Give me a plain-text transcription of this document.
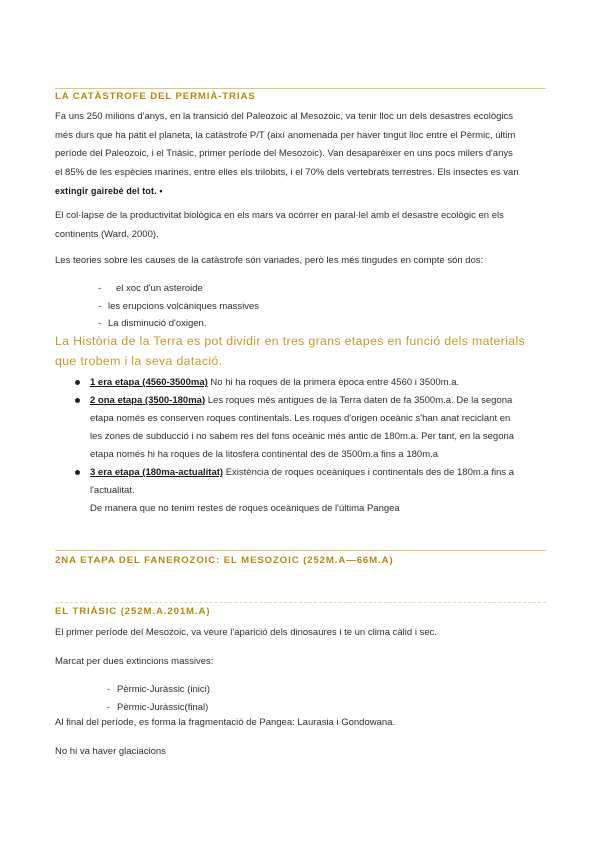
LA CATÀSTROFE DEL PERMIÀ-TRIAS
Fa uns 250 milions d'anys, en la transició del Paleozoic al Mesozoic, va tenir lloc un dels desastres ecològics
més durs que ha patit el planeta, la catàstrofe P/T (així anomenada per haver tingut lloc entre el Pèrmic, últim
període del Paleozoic, i el Triàsic, primer període del Mesozoic). Van desaparèixer en uns pocs milers d'anys
el 85% de les espècies marines, entre elles els trilobits, i el 70% dels vertebrats terrestres. Els insectes es van
extingir gairebé del tot. •
El col·lapse de la productivitat biològica en els mars va ocórrer en paral·lel amb el desastre ecològic en els
continents (Ward, 2000).
Les teories sobre les causes de la catàstrofe són variades, però les més tingudes en compte són dos:
- el xoc d'un asteroide
- les erupcions volcàniques massives
- La disminució d'oxigen.
La Història de la Terra es pot dividir en tres grans etapes en funció dels materials
que trobem i la seva datació.
1 era etapa (4560-3500ma) No hi ha roques de la primera època entre 4560 i 3500m.a.
2 ona etapa (3500-180ma) Les roques més antigues de la Terra daten de fa 3500m.a. De la segona
etapa només es conserven roques continentals. Les roques d'origen oceànic s'han anat reciclant en
les zones de subducció i no sabem res del fons oceànic més antic de 180m.a. Per tant, en la segona
etapa només hi ha roques de la litosfera continental des de 3500m.a fins a 180m.a
3 era etapa (180ma-actualitat) Existència de roques oceàniques i continentals des de 180m.a fins a
l'actualitat.
De manera que no tenim restes de roques oceàniques de l'última Pangea
2NA ETAPA DEL FANEROZOIC: EL MESOZOIC (252M.A—66M.A)
EL TRIÀSIC (252M.A.201M.A)
El primer període del Mesozoic, va veure l'aparició dels dinosaures i te un clima càlid i sec.
Marcat per dues extincions massives:
- Pèrmic-Juràssic (inici)
- Pèrmic-Juràssic(final)
Al final del període, es forma la fragmentació de Pangea: Laurasia i Gondowana.
No hi va haver glaciacions
